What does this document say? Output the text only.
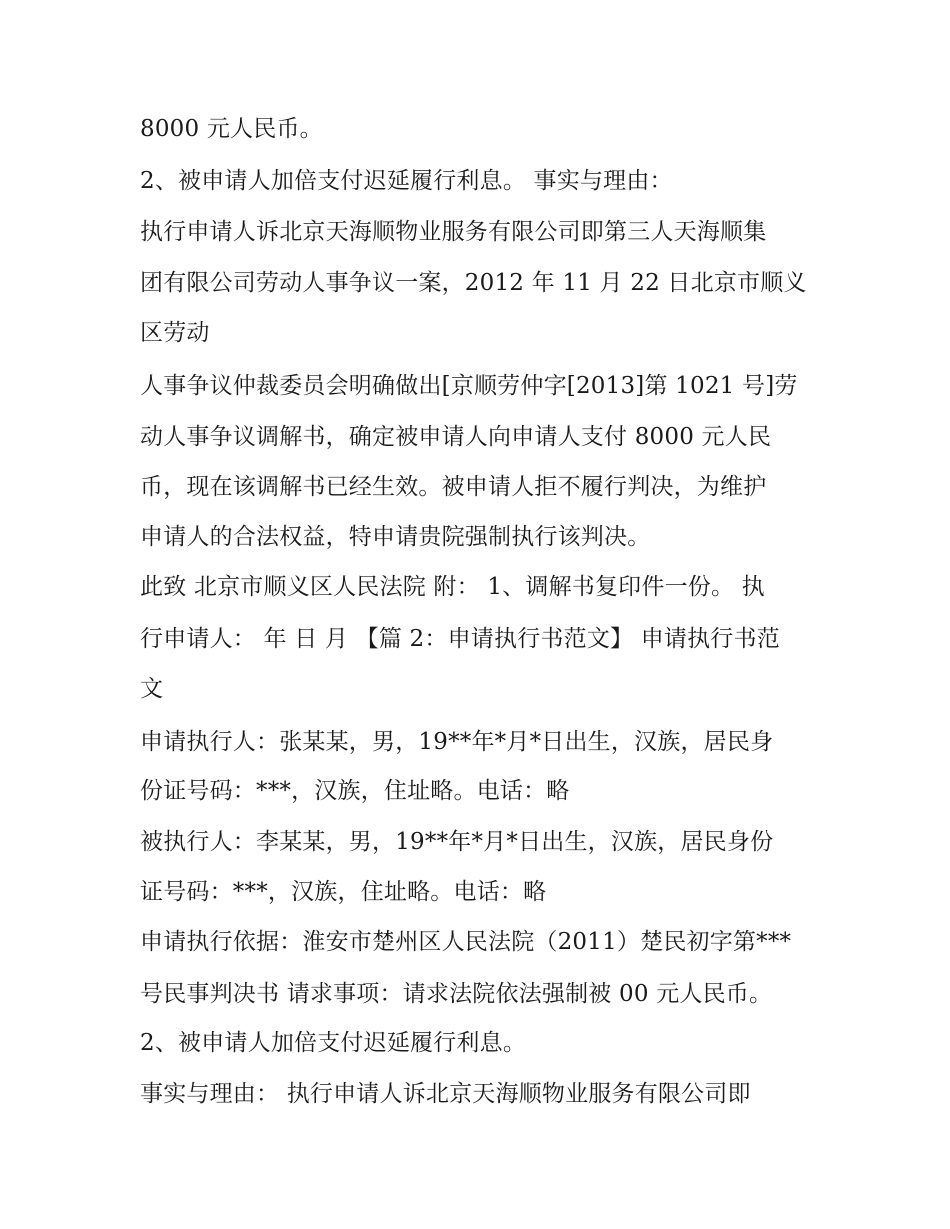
8000 元人民币。

2、被申请人加倍支付迟延履行利息。 事实与理由：

执行申请人诉北京天海顺物业服务有限公司即第三人天海顺集

团有限公司劳动人事争议一案，2012 年 11 月 22 日北京市顺义

区劳动

人事争议仲裁委员会明确做出[京顺劳仲字[2013]第 1021 号]劳

动人事争议调解书，确定被申请人向申请人支付 8000 元人民

币，现在该调解书已经生效。被申请人拒不履行判决，为维护

申请人的合法权益，特申请贵院强制执行该判决。

此致 北京市顺义区人民法院 附： 1、调解书复印件一份。 执

行申请人： 年 日 月 【篇 2：申请执行书范文】 申请执行书范

文

申请执行人：张某某，男，19**年*月*日出生，汉族，居民身

份证号码：***，汉族，住址略。电话：略

被执行人：李某某，男，19**年*月*日出生，汉族，居民身份

证号码：***，汉族，住址略。电话：略

申请执行依据：淮安市楚州区人民法院（2011）楚民初字第***

号民事判决书 请求事项：请求法院依法强制被 00 元人民币。

2、被申请人加倍支付迟延履行利息。

事实与理由： 执行申请人诉北京天海顺物业服务有限公司即
